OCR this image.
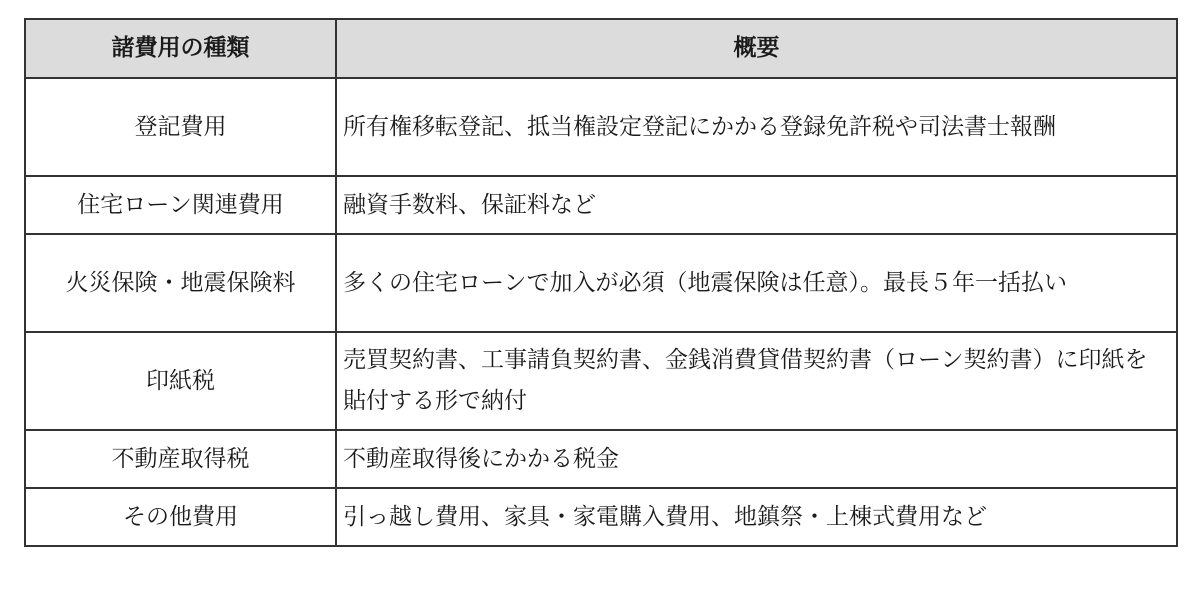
諸費用の種類	概要
登記費用	所有権移転登記、抵当権設定登記にかかる登録免許税や司法書士報酬
住宅ローン関連費用	融資手数料、保証料など
火災保険・地震保険料	多くの住宅ローンで加入が必須（地震保険は任意）。最長５年一括払い
印紙税	売買契約書、工事請負契約書、金銭消費貸借契約書（ローン契約書）に印紙を貼付する形で納付
不動産取得税	不動産取得後にかかる税金
その他費用	引っ越し費用、家具・家電購入費用、地鎮祭・上棟式費用など
